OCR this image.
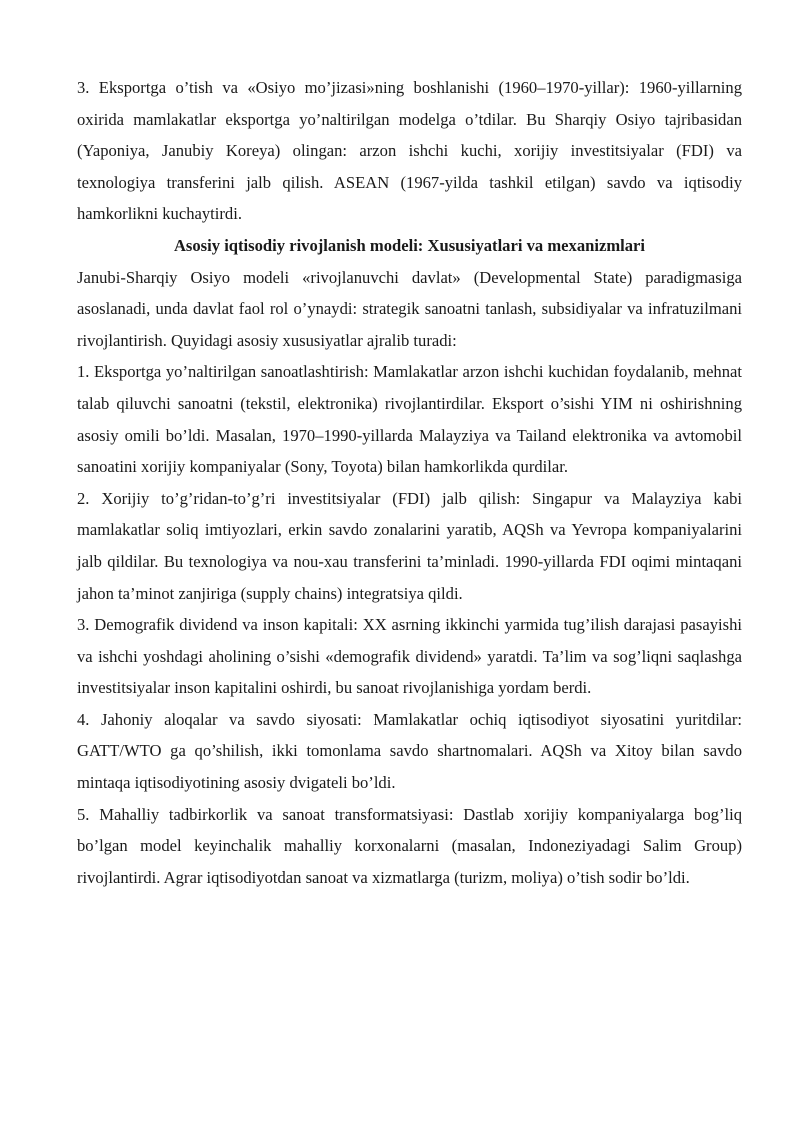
3. Eksportga o’tish va «Osiyo mo’jizasi»ning boshlanishi (1960–1970-yillar): 1960-yillarning oxirida mamlakatlar eksportga yo’naltirilgan modelga o’tdilar. Bu Sharqiy Osiyo tajribasidan (Yaponiya, Janubiy Koreya) olingan: arzon ishchi kuchi, xorijiy investitsiyalar (FDI) va texnologiya transferini jalb qilish. ASEAN (1967-yilda tashkil etilgan) savdo va iqtisodiy hamkorlikni kuchaytirdi.

Asosiy iqtisodiy rivojlanish modeli: Xususiyatlari va mexanizmlari

Janubi-Sharqiy Osiyo modeli «rivojlanuvchi davlat» (Developmental State) paradigmasiga asoslanadi, unda davlat faol rol o’ynaydi: strategik sanoatni tanlash, subsidiyalar va infratuzilmani rivojlantirish. Quyidagi asosiy xususiyatlar ajralib turadi:

1. Eksportga yo’naltirilgan sanoatlashtirish: Mamlakatlar arzon ishchi kuchidan foydalanib, mehnat talab qiluvchi sanoatni (tekstil, elektronika) rivojlantirdilar. Eksport o’sishi YIM ni oshirishning asosiy omili bo’ldi. Masalan, 1970–1990-yillarda Malayziya va Tailand elektronika va avtomobil sanoatini xorijiy kompaniyalar (Sony, Toyota) bilan hamkorlikda qurdilar.

2. Xorijiy to’g’ridan-to’g’ri investitsiyalar (FDI) jalb qilish: Singapur va Malayziya kabi mamlakatlar soliq imtiyozlari, erkin savdo zonalarini yaratib, AQSh va Yevropa kompaniyalarini jalb qildilar. Bu texnologiya va nou-xau transferini ta’minladi. 1990-yillarda FDI oqimi mintaqani jahon ta’minot zanjiriga (supply chains) integratsiya qildi.

3. Demografik dividend va inson kapitali: XX asrning ikkinchi yarmida tug’ilish darajasi pasayishi va ishchi yoshdagi aholining o’sishi «demografik dividend» yaratdi. Ta’lim va sog’liqni saqlashga investitsiyalar inson kapitalini oshirdi, bu sanoat rivojlanishiga yordam berdi.

4. Jahoniy aloqalar va savdo siyosati: Mamlakatlar ochiq iqtisodiyot siyosatini yuritdilar: GATT/WTO ga qo’shilish, ikki tomonlama savdo shartnomalari. AQSh va Xitoy bilan savdo mintaqa iqtisodiyotining asosiy dvigateli bo’ldi.

5. Mahalliy tadbirkorlik va sanoat transformatsiyasi: Dastlab xorijiy kompaniyalarga bog’liq bo’lgan model keyinchalik mahalliy korxonalarni (masalan, Indoneziyadagi Salim Group) rivojlantirdi. Agrar iqtisodiyotdan sanoat va xizmatlarga (turizm, moliya) o’tish sodir bo’ldi.
